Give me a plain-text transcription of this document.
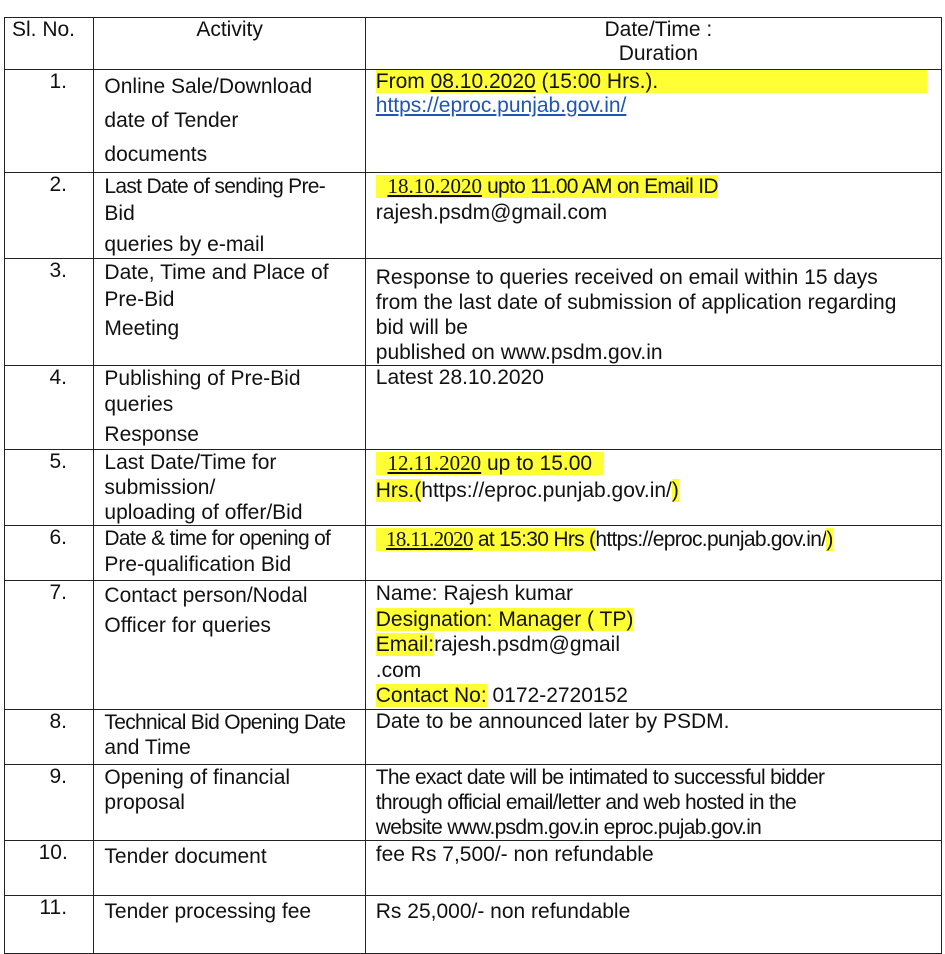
Sl. No.	Activity	Date/Time :
Duration

1.	Online Sale/Download
date of Tender
documents	From 08.10.2020 (15:00 Hrs.).
https://eproc.punjab.gov.in/

2.	Last Date of sending Pre-
Bid
queries by e-mail	18.10.2020 upto 11.00 AM on Email ID
rajesh.psdm@gmail.com

3.	Date, Time and Place of
Pre-Bid
Meeting	Response to queries received on email within 15 days
from the last date of submission of application regarding
bid will be
published on www.psdm.gov.in

4.	Publishing of Pre-Bid
queries
Response	Latest 28.10.2020

5.	Last Date/Time for
submission/
uploading of offer/Bid	12.11.2020 up to 15.00
Hrs.(https://eproc.punjab.gov.in/)

6.	Date & time for opening of
Pre-qualification Bid	18.11.2020 at 15:30 Hrs (https://eproc.punjab.gov.in/)

7.	Contact person/Nodal
Officer for queries	Name: Rajesh kumar
Designation: Manager ( TP)
Email:rajesh.psdm@gmail
.com
Contact No: 0172-2720152

8.	Technical Bid Opening Date
and Time	Date to be announced later by PSDM.

9.	Opening of financial
proposal	The exact date will be intimated to successful bidder
through official email/letter and web hosted in the
website www.psdm.gov.in eproc.pujab.gov.in

10.	Tender document	fee Rs 7,500/- non refundable

11.	Tender processing fee	Rs 25,000/- non refundable
